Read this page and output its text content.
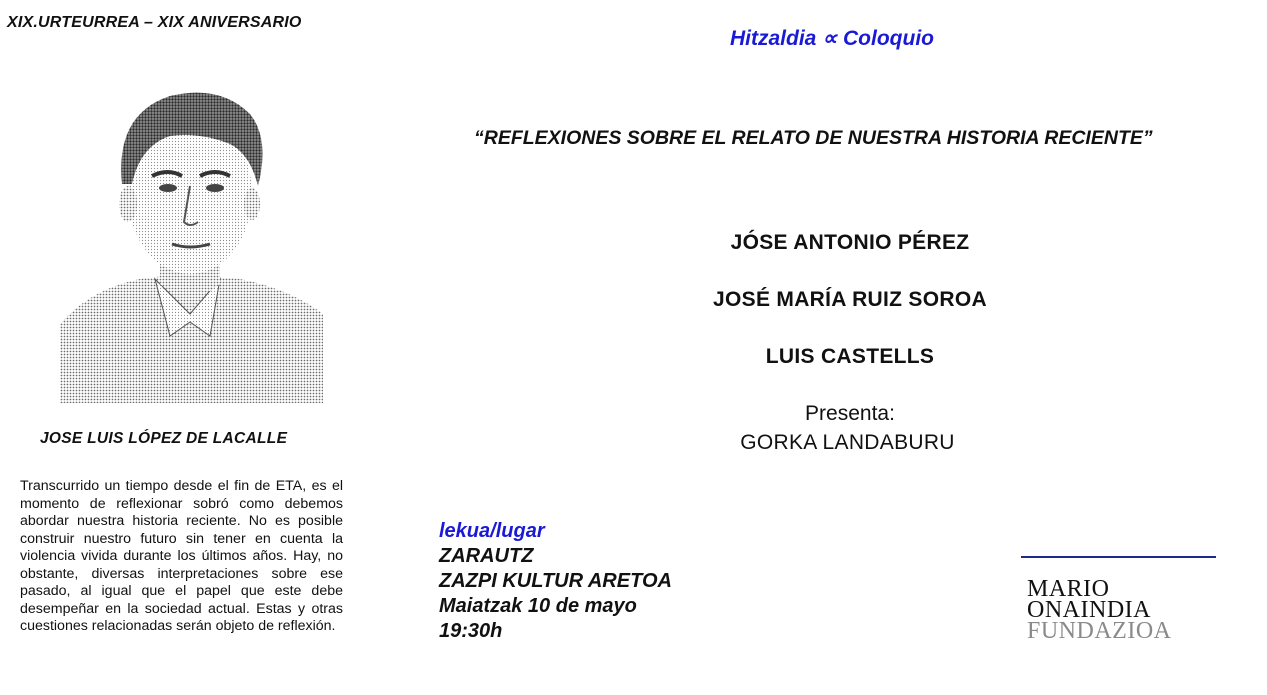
XIX.URTEURREA – XIX ANIVERSARIO
JOSE LUIS LÓPEZ DE LACALLE
Transcurrido un tiempo desde el fin de ETA, es el momento de reflexionar sobró como debemos abordar nuestra historia reciente. No es posible construir nuestro futuro sin tener en cuenta la violencia vivida durante los últimos años. Hay, no obstante, diversas interpretaciones sobre ese pasado, al igual que el papel que este debe desempeñar en la sociedad actual. Estas y otras cuestiones relacionadas serán objeto de reflexión.
Hitzaldia ∝ Coloquio
“REFLEXIONES SOBRE EL RELATO DE NUESTRA HISTORIA RECIENTE”
JÓSE ANTONIO PÉREZ
JOSÉ MARÍA RUIZ SOROA
LUIS CASTELLS
Presenta:
GORKA LANDABURU
lekua/lugar
ZARAUTZ
ZAZPI KULTUR ARETOA
Maiatzak 10 de mayo
19:30h
MARIO
ONAINDIA
FUNDAZIOA
